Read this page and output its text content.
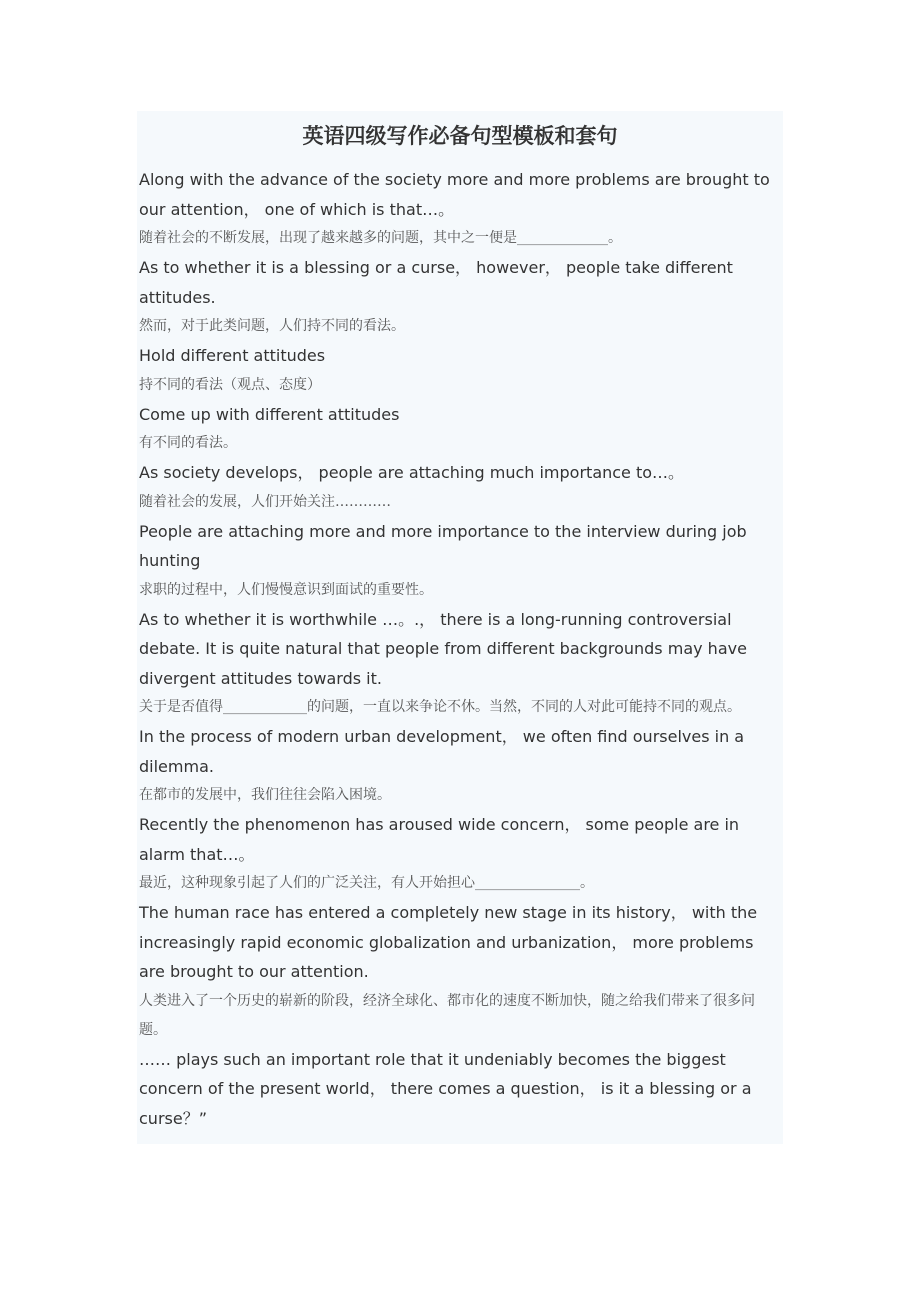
英语四级写作必备句型模板和套句

Along with the advance of the society more and more problems are brought to our attention， one of which is that…。

随着社会的不断发展，出现了越来越多的问题，其中之一便是_____________。

As to whether it is a blessing or a curse， however， people take different attitudes.

然而，对于此类问题，人们持不同的看法。

Hold different attitudes

持不同的看法（观点、态度）

Come up with different attitudes

有不同的看法。

As society develops， people are attaching much importance to…。

随着社会的发展，人们开始关注…………

People are attaching more and more importance to the interview during job hunting

求职的过程中，人们慢慢意识到面试的重要性。

As to whether it is worthwhile …。.， there is a long-running controversial debate. It is quite natural that people from different backgrounds may have divergent attitudes towards it.

关于是否值得____________的问题，一直以来争论不休。当然，不同的人对此可能持不同的观点。

In the process of modern urban development， we often find ourselves in a dilemma.

在都市的发展中，我们往往会陷入困境。

Recently the phenomenon has aroused wide concern， some people are in alarm that…。

最近，这种现象引起了人们的广泛关注，有人开始担心_______________。

The human race has entered a completely new stage in its history， with the increasingly rapid economic globalization and urbanization， more problems are brought to our attention.

人类进入了一个历史的崭新的阶段，经济全球化、都市化的速度不断加快，随之给我们带来了很多问题。

…… plays such an important role that it undeniably becomes the biggest concern of the present world， there comes a question， is it a blessing or a curse？”
